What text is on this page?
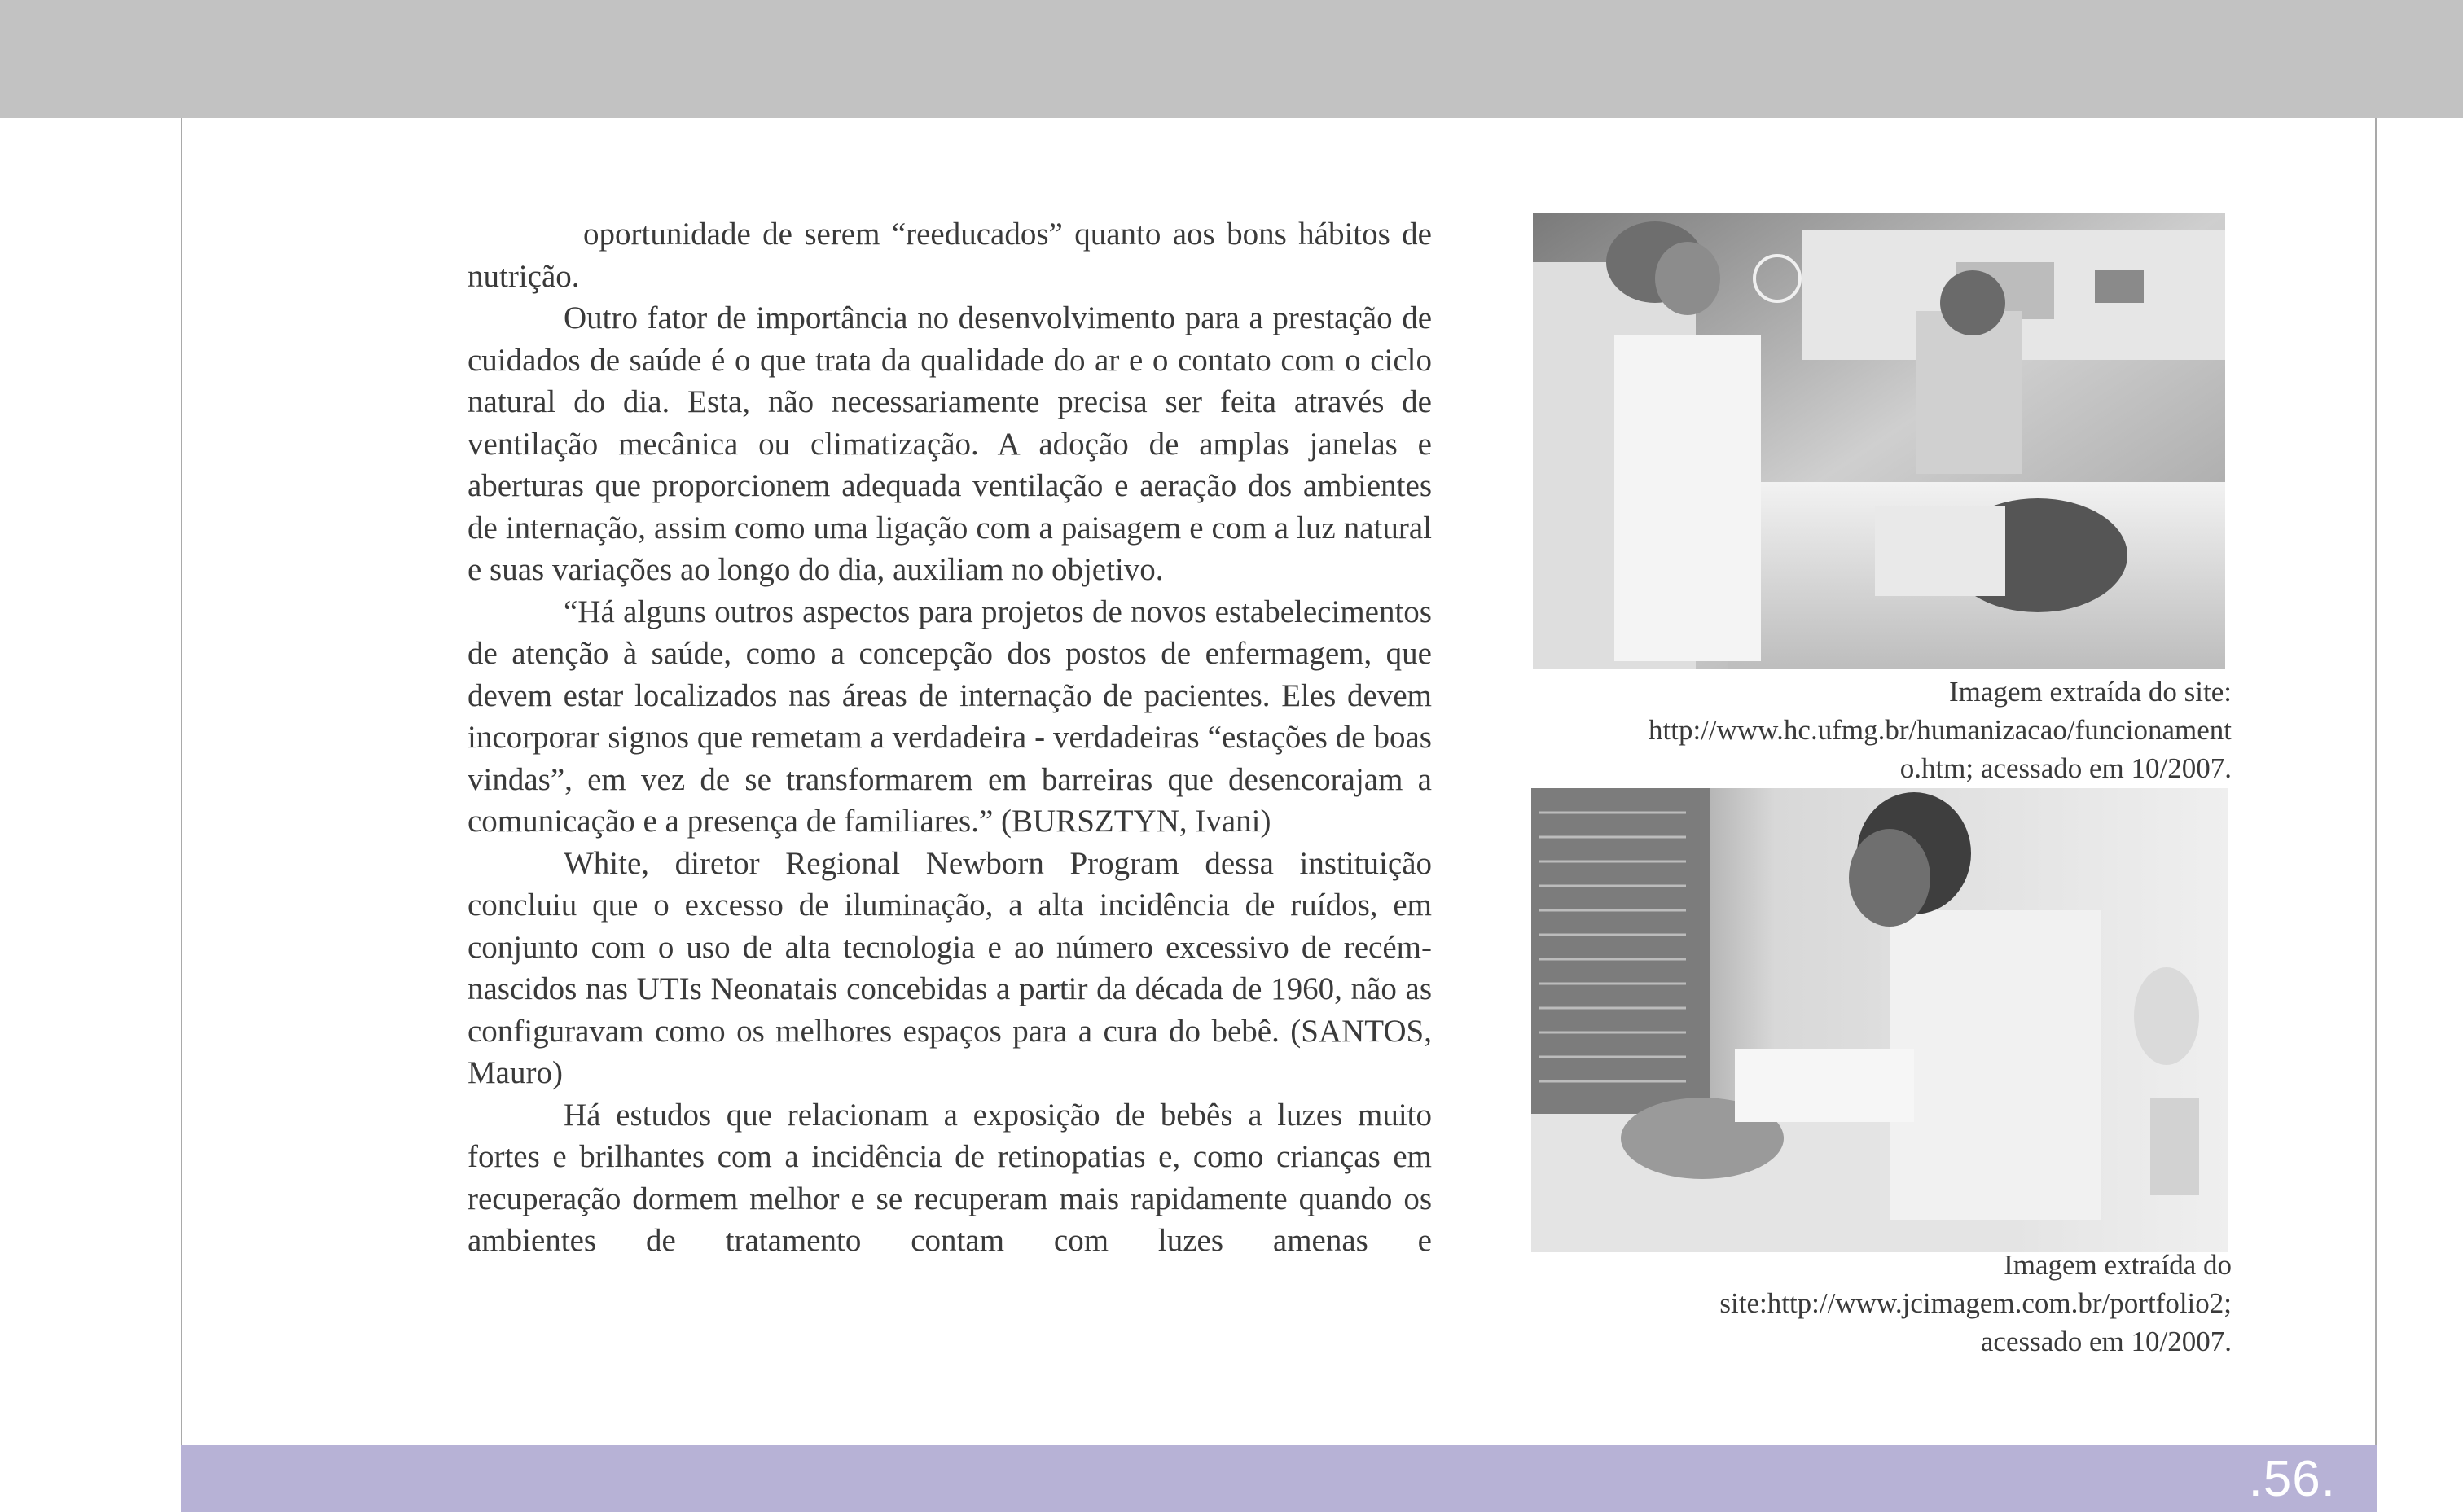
oportunidade de serem “reeducados” quanto aos bons hábitos de nutrição.

Outro fator de importância no desenvolvimento para a prestação de cuidados de saúde é o que trata da qualidade do ar e o contato com o ciclo natural do dia. Esta, não necessariamente precisa ser feita através de ventilação mecânica ou climatização. A adoção de amplas janelas e aberturas que proporcionem adequada ventilação e aeração dos ambientes de internação, assim como uma ligação com a paisagem e com a luz natural e suas variações ao longo do dia, auxiliam no objetivo.

“Há alguns outros aspectos para projetos de novos estabelecimentos de atenção à saúde, como a concepção dos postos de enfermagem, que devem estar localizados nas áreas de internação de pacientes. Eles devem incorporar signos que remetam a verdadeira - verdadeiras “estações de boas vindas”, em vez de se transformarem em barreiras que desencorajam a comunicação e a presença de familiares.” (BURSZTYN, Ivani)

White, diretor Regional Newborn Program dessa instituição concluiu que o excesso de iluminação, a alta incidência de ruídos, em conjunto com o uso de alta tecnologia e ao número excessivo de recém-nascidos nas UTIs Neonatais concebidas a partir da década de 1960, não as configuravam como os melhores espaços para a cura do bebê. (SANTOS, Mauro)

Há estudos que relacionam a exposição de bebês a luzes muito fortes e brilhantes com a incidência de retinopatias e, como crianças em recuperação dormem melhor e se recuperam mais rapidamente quando os ambientes de tratamento contam com luzes amenas e

Imagem extraída do site:
http://www.hc.ufmg.br/humanizacao/funcionament
o.htm; acessado em 10/2007.
Imagem extraída do
site:http://www.jcimagem.com.br/portfolio2;
acessado em 10/2007.
.56.
